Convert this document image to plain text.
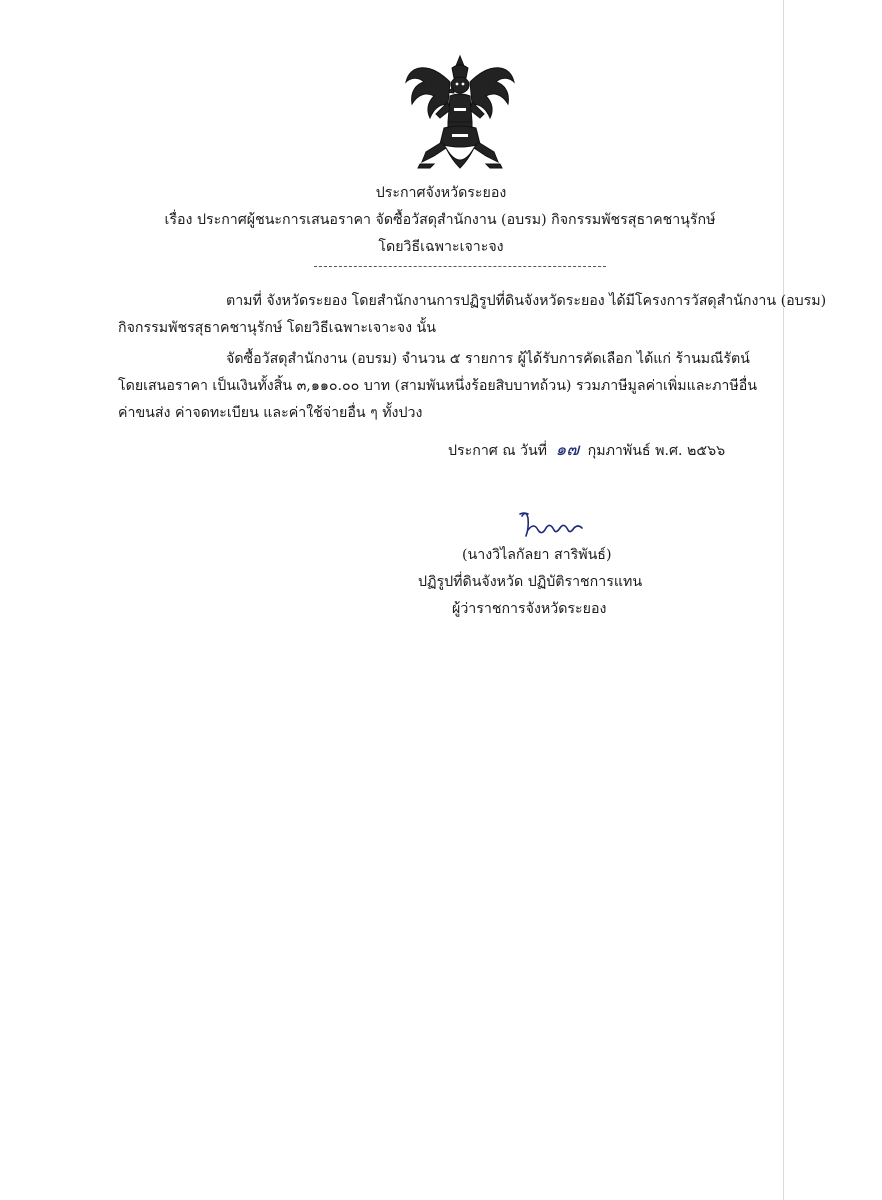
ประกาศจังหวัดระยอง
เรื่อง ประกาศผู้ชนะการเสนอราคา จัดซื้อวัสดุสำนักงาน (อบรม) กิจกรรมพัชรสุธาคชานุรักษ์
โดยวิธีเฉพาะเจาะจง
ตามที่ จังหวัดระยอง โดยสำนักงานการปฏิรูปที่ดินจังหวัดระยอง ได้มีโครงการวัสดุสำนักงาน (อบรม)
กิจกรรมพัชรสุธาคชานุรักษ์ โดยวิธีเฉพาะเจาะจง นั้น
จัดซื้อวัสดุสำนักงาน (อบรม) จำนวน ๕ รายการ ผู้ได้รับการคัดเลือก ได้แก่ ร้านมณีรัตน์
โดยเสนอราคา เป็นเงินทั้งสิ้น ๓,๑๑๐.๐๐ บาท (สามพันหนึ่งร้อยสิบบาทถ้วน) รวมภาษีมูลค่าเพิ่มและภาษีอื่น
ค่าขนส่ง ค่าจดทะเบียน และค่าใช้จ่ายอื่น ๆ ทั้งปวง
ประกาศ ณ วันที่ ๑๗ กุมภาพันธ์ พ.ศ. ๒๕๖๖
(นางวิไลกัลยา สาริพันธ์)
ปฏิรูปที่ดินจังหวัด ปฏิบัติราชการแทน
ผู้ว่าราชการจังหวัดระยอง
